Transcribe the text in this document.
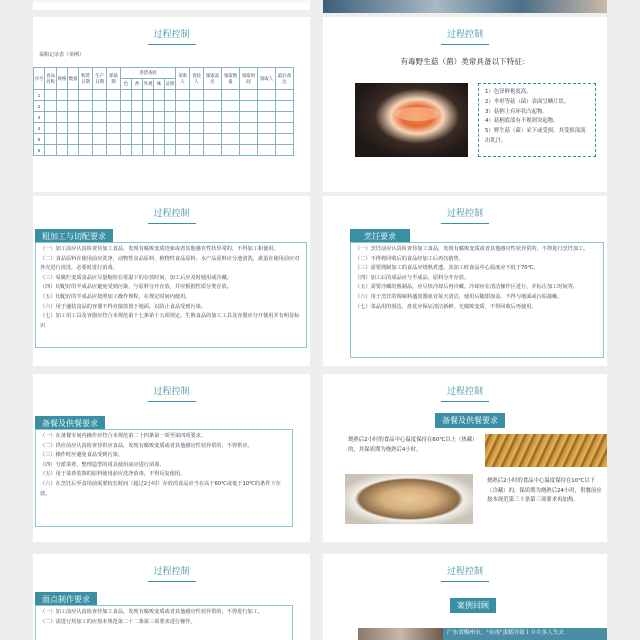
过程控制
采购记录表（举例）
序号	食品名称	规格	数量	购货日期	生产日期	保质期	进货查验					采购人	查验人	领取品名	领取数量	领取时间	领取人	最后备注
							色	香	外观	味	证照							
1																		
2																		
3																		
4																		
5																		
6																		
过程控制
有毒野生菇（菌）类常具备以下特征：
1）色泽鲜艳度高。
2）伞形等菇（菌）表面呈鳞片状。
3）菇柄上有环状凸起物。
4）菇柄底部有不规则突起物。
5）野生菇（菌）采下或受损，其受损部流出乳汁。
过程控制
粗加工与切配要求
（一）加工前应认真检查待加工食品，发现有腐败变质迹象或者其他感官性状异常的，不得加工和使用。
（二）食品原料在使用前应洗净，动物性食品原料、植物性食品原料、水产品原料应分池清洗，禽蛋在使用前应对外壳进行清洗，必要时进行消毒。
（三）易腐烂变质食品应尽量缩短在常温下的存放时间，加工后应及时使用或冷藏。
（四）切配好的半成品应避免受到污染，与原料分开存放，并应根据性质分类存放。
（五）切配好的半成品应按照加工操作规程，在规定时间内使用。
（六）用于盛装食品的容器不得直接放置于地面，以防止食品受到污染。
（七）加工用工具及容器应符合本规范第十七条第十五项规定。生熟食品的加工工具及容器应分开使用并有明显标识
过程控制
烹饪要求
（一）烹饪前应认真检查待加工食品，发现有腐败变质或者其他感官性状异常的，不得进行烹饪加工。
（二）不得将回收后的食品经加工后再次销售。
（三）需要熟制加工的食品应烧熟煮透，其加工时食品中心温度应不低于70℃。
（四）加工后的成品应与半成品、原料分开存放。
（五）需要冷藏的熟制品，应尽快冷却后再冷藏，冷却应在清洁操作区进行，并标注加工时间等。
（六）用于烹饪的调味料盛放器皿宜每天清洁，使用后随即加盖，不得与地面或污垢接触。
（七）菜品用的围边、盘花应保证清洁新鲜、无腐败变质，不得回收后再使用。
过程控制
备餐及供餐要求
（一）在备餐专间内操作应符合本规范第二十四条第一项至第四项要求。
（二）供应前应认真检查待供应食品，发现有腐败变质或者其他感官性状异常的，不得供应。
（三）操作时应避免食品受到污染。
（四）分派菜肴、整理造型的用具使用前应进行消毒。
（五）用于菜肴装饰的原料使用前应洗净消毒，不得反复使用。
（六）在烹饪后至食用前需要较长时间（超过2小时）存放的食品应当在高于60℃或低于10℃的条件下存放。
过程控制
备餐及供餐要求
烧熟后2小时的食品中心温度保持在60℃以上（热藏）的，其保质期为烧熟后4小时。
烧熟后2小时的食品中心温度保持在10℃以下（冷藏）的，保质期为烧熟后24小时，供餐前应按本规范第三十条第三项要求再加热。
过程控制
面点制作要求
（一）加工前应认真检查待加工食品，发现有腐败变质或者其他感官性状异常的，不得进行加工。
（二）需进行热加工的应按本规范第二十二条第三项要求进行操作。
过程控制
案例回顾
广东省梅州市，"有毒"蛋糕导致１００多人失去
